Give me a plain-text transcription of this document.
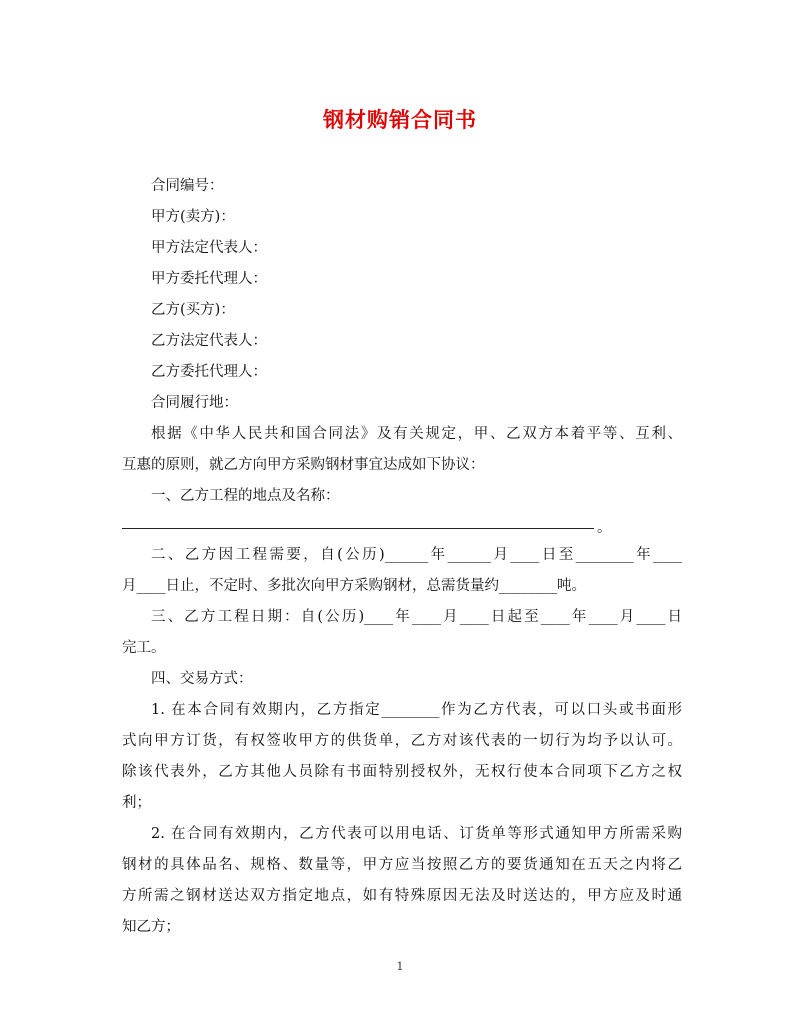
钢材购销合同书
合同编号：
甲方(卖方)：
甲方法定代表人：
甲方委托代理人：
乙方(买方)：
乙方法定代表人：
乙方委托代理人：
合同履行地：
根据《中华人民共和国合同法》及有关规定，甲、乙双方本着平等、互利、
互惠的原则，就乙方向甲方采购钢材事宜达成如下协议：
一、乙方工程的地点及名称：
。
二、乙方因工程需要，自(公历)______年______月____日至________年____
月____日止，不定时、多批次向甲方采购钢材，总需货量约________吨。
三、乙方工程日期：自(公历)____年____月____日起至____年____月____日
完工。
四、交易方式：
1. 在本合同有效期内，乙方指定________作为乙方代表，可以口头或书面形
式向甲方订货，有权签收甲方的供货单，乙方对该代表的一切行为均予以认可。
除该代表外，乙方其他人员除有书面特别授权外，无权行使本合同项下乙方之权
利；
2. 在合同有效期内，乙方代表可以用电话、订货单等形式通知甲方所需采购
钢材的具体品名、规格、数量等，甲方应当按照乙方的要货通知在五天之内将乙
方所需之钢材送达双方指定地点，如有特殊原因无法及时送达的，甲方应及时通
知乙方；
1
